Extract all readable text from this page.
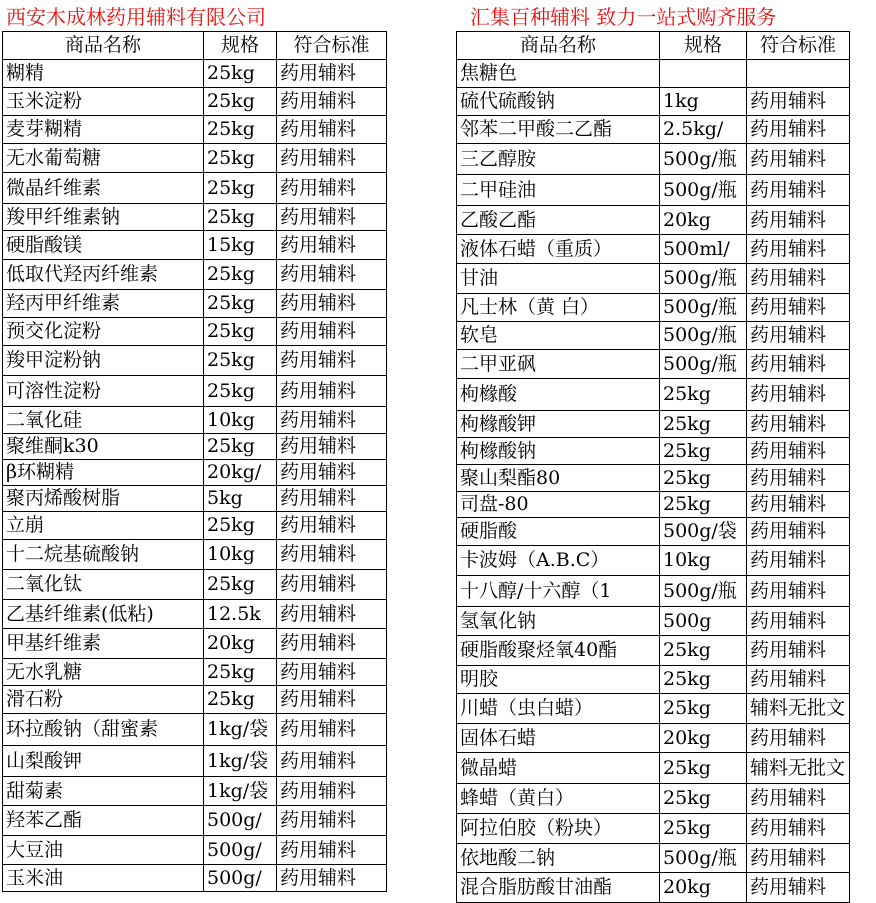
西安木成林药用辅料有限公司	汇集百种辅料 致力一站式购齐服务
商品名称	规格	符合标准
糊精	25kg	药用辅料
玉米淀粉	25kg	药用辅料
麦芽糊精	25kg	药用辅料
无水葡萄糖	25kg	药用辅料
微晶纤维素	25kg	药用辅料
羧甲纤维素钠	25kg	药用辅料
硬脂酸镁	15kg	药用辅料
低取代羟丙纤维素	25kg	药用辅料
羟丙甲纤维素	25kg	药用辅料
预交化淀粉	25kg	药用辅料
羧甲淀粉钠	25kg	药用辅料
可溶性淀粉	25kg	药用辅料
二氧化硅	10kg	药用辅料
聚维酮k30	25kg	药用辅料
β环糊精	20kg/	药用辅料
聚丙烯酸树脂	5kg	药用辅料
立崩	25kg	药用辅料
十二烷基硫酸钠	10kg	药用辅料
二氧化钛	25kg	药用辅料
乙基纤维素(低粘)	12.5k	药用辅料
甲基纤维素	20kg	药用辅料
无水乳糖	25kg	药用辅料
滑石粉	25kg	药用辅料
环拉酸钠（甜蜜素	1kg/袋	药用辅料
山梨酸钾	1kg/袋	药用辅料
甜菊素	1kg/袋	药用辅料
羟苯乙酯	500g/	药用辅料
大豆油	500g/	药用辅料
玉米油	500g/	药用辅料
商品名称	规格	符合标准
焦糖色		
硫代硫酸钠	1kg	药用辅料
邻苯二甲酸二乙酯	2.5kg/	药用辅料
三乙醇胺	500g/瓶	药用辅料
二甲硅油	500g/瓶	药用辅料
乙酸乙酯	20kg	药用辅料
液体石蜡（重质）	500ml/	药用辅料
甘油	500g/瓶	药用辅料
凡士林（黄 白）	500g/瓶	药用辅料
软皂	500g/瓶	药用辅料
二甲亚砜	500g/瓶	药用辅料
枸橼酸	25kg	药用辅料
枸橼酸钾	25kg	药用辅料
枸橼酸钠	25kg	药用辅料
聚山梨酯80	25kg	药用辅料
司盘-80	25kg	药用辅料
硬脂酸	500g/袋	药用辅料
卡波姆（A.B.C）	10kg	药用辅料
十八醇/十六醇（1	500g/瓶	药用辅料
氢氧化钠	500g	药用辅料
硬脂酸聚烃氧40酯	25kg	药用辅料
明胶	25kg	药用辅料
川蜡（虫白蜡）	25kg	辅料无批文
固体石蜡	20kg	药用辅料
微晶蜡	25kg	辅料无批文
蜂蜡（黄白）	25kg	药用辅料
阿拉伯胶（粉块）	25kg	药用辅料
依地酸二钠	500g/瓶	药用辅料
混合脂肪酸甘油酯	20kg	药用辅料
